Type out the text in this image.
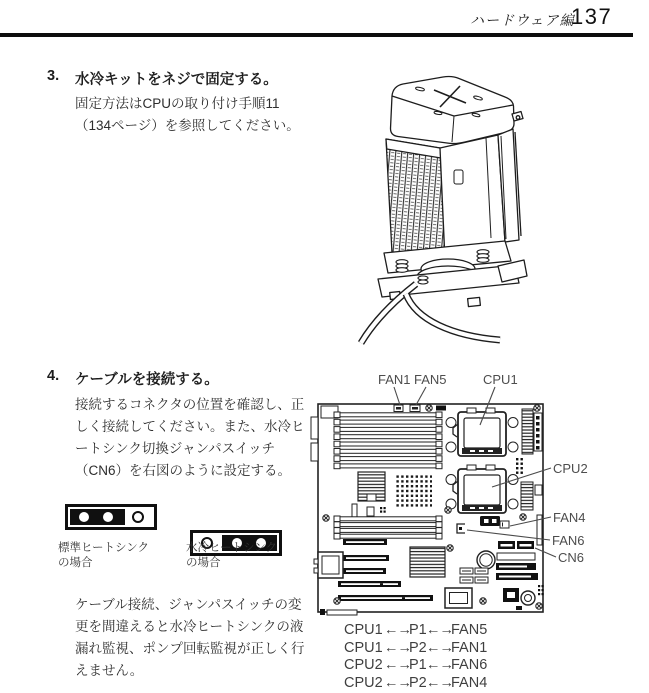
ハードウェア編
137
3. 水冷キットをネジで固定する。
固定方法はCPUの取り付け手順11（134ページ）を参照してください。
4. ケーブルを接続する。
接続するコネクタの位置を確認し、正しく接続してください。また、水冷ヒートシンク切換ジャンパスイッチ（CN6）を右図のように設定する。
標準ヒートシンクの場合
水冷ヒートシンクの場合
ケーブル接続、ジャンパスイッチの変更を間違えると水冷ヒートシンクの液漏れ監視、ポンプ回転監視が正しく行えません。
FAN1 FAN5	CPU1
CPU2
FAN4
FAN6
CN6
CPU1 ←→
P1 ←→
FAN5
CPU1 ←→
P2 ←→
FAN1
CPU2 ←→
P1 ←→
FAN6
CPU2 ←→
P2 ←→
FAN4
